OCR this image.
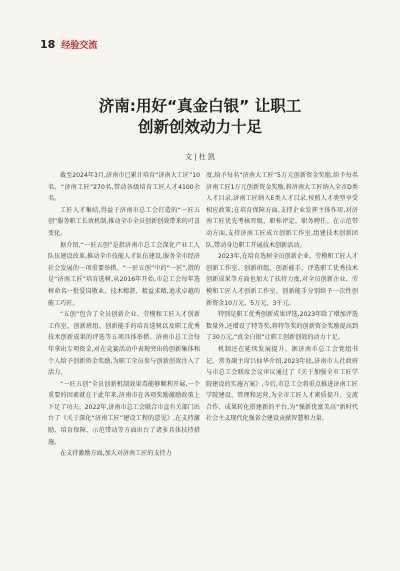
18 经验交流
济南:用好“真金白银” 让职工
创新创效动力十足
文 | 杜 凯

截至2024年3月,济南市已累计培育“济南大工匠”10名、“济南工匠”270名,带动各级培育工匠人才4100余名。

工匠人才集结,得益于济南市总工会打造的“一匠五创”服务职工长效机制,推动全市全员创新创效带来的可喜变化。

据介绍,“一匠五创”是指济南市总工会深化产业工人队伍建设改革,推动全市技能人才队伍建设,服务全市经济社会发展的一项重要举措。“一匠五创”中的“一匠”,指的是“济南工匠”培育选树,从2016年开始,市总工会每年选树命名一批爱岗敬业、技术精湛、精益求精,追求卓越的能工巧匠。

“五创”包含了全员创新企业、劳模和工匠人才创新工作室、创新班组、创新能手的培育选树以及职工优秀技术创新成果的评选等五项具体举措。济南市总工会每年拿出专项资金,对在竞赛活动中表现突出的创新集体和个人给予创新资金奖励,为职工全员参与创新创效注入了活力。

“一匠五创”全员创新机制效果毒能够顺利开展,一个重要的因素就在于此年来,济南市在各项奖励激励政策上下足了功夫。2022年,济南市总工会联合市直有关部门出台了《关于深化“济南工匠”建设工程的意见》,在支持激励、培育保障、示范带动等方面出台了诸多具体扶持措施。

在支持激励方面,加大对济南工匠的支持力

度,给予每名“济南大工匠”5万元创新资金奖励,给予每名济南工匠1万元创新资金奖励,将济南大工匠纳入全市D类人才目录,济南工匠纳入E类人才目录,按照人才类型享受相应政策;在培育保障方面,支持企业发挥主体作用,对济南工匠优先考核晋级、职称评定、职务聘任。在示范带动方面,支持济南工匠成立创新工作室,组建技术创新团队,带动身边职工开展技术创新活动。

2023年,在培育选树全员创新企业、劳模和工匠人才创新工作室、创新班组、创新能手、评选职工优秀技术创新成果等方面也加大了扶持力度,对全员创新企业、劳模和工匠人才创新工作室、创新能手分别给予一次性创新资金10万元、5万元、3千元。

特别是职工优秀创新成果评选,2023年除了增加评选数量外,还增设了特等奖,将特等奖的创新资金奖励提高到了30万元,“真金白银”让职工创新创效的动力十足。

机制还在延续发展提升。据济南市总工会党组书记、常务副主席吕仙华介绍,2023年底,济南市人社政府与市总工会联席会议审议通过了《关于加强全市工匠学院建设的实施方案》,今后,市总工会将重点推进济南工匠学院建设、管理和运营,为全市工匠人才素质提升、交流合作、成果转化搭建新的平台,为“强新优富美高”新时代社会主义现代化强省会建设贡献智慧和力量。
